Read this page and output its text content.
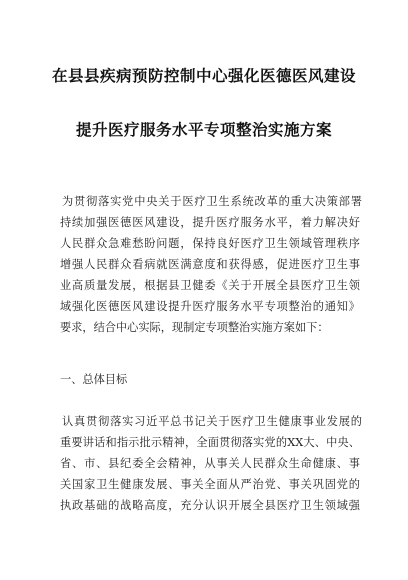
在县县疾病预防控制中心强化医德医风建设
提升医疗服务水平专项整治实施方案
为贯彻落实党中央关于医疗卫生系统改革的重大决策部署
持续加强医德医风建设，提升医疗服务水平，着力解决好
人民群众急难愁盼问题，保持良好医疗卫生领域管理秩序
增强人民群众看病就医满意度和获得感，促进医疗卫生事
业高质量发展，根据县卫健委《关于开展全县医疗卫生领
域强化医德医风建设提升医疗服务水平专项整治的通知》
要求，结合中心实际，现制定专项整治实施方案如下：
一、总体目标
认真贯彻落实习近平总书记关于医疗卫生健康事业发展的
重要讲话和指示批示精神，全面贯彻落实党的XX大、中央、
省、市、县纪委全会精神，从事关人民群众生命健康、事
关国家卫生健康发展、事关全面从严治党、事关巩固党的
执政基础的战略高度，充分认识开展全县医疗卫生领域强
